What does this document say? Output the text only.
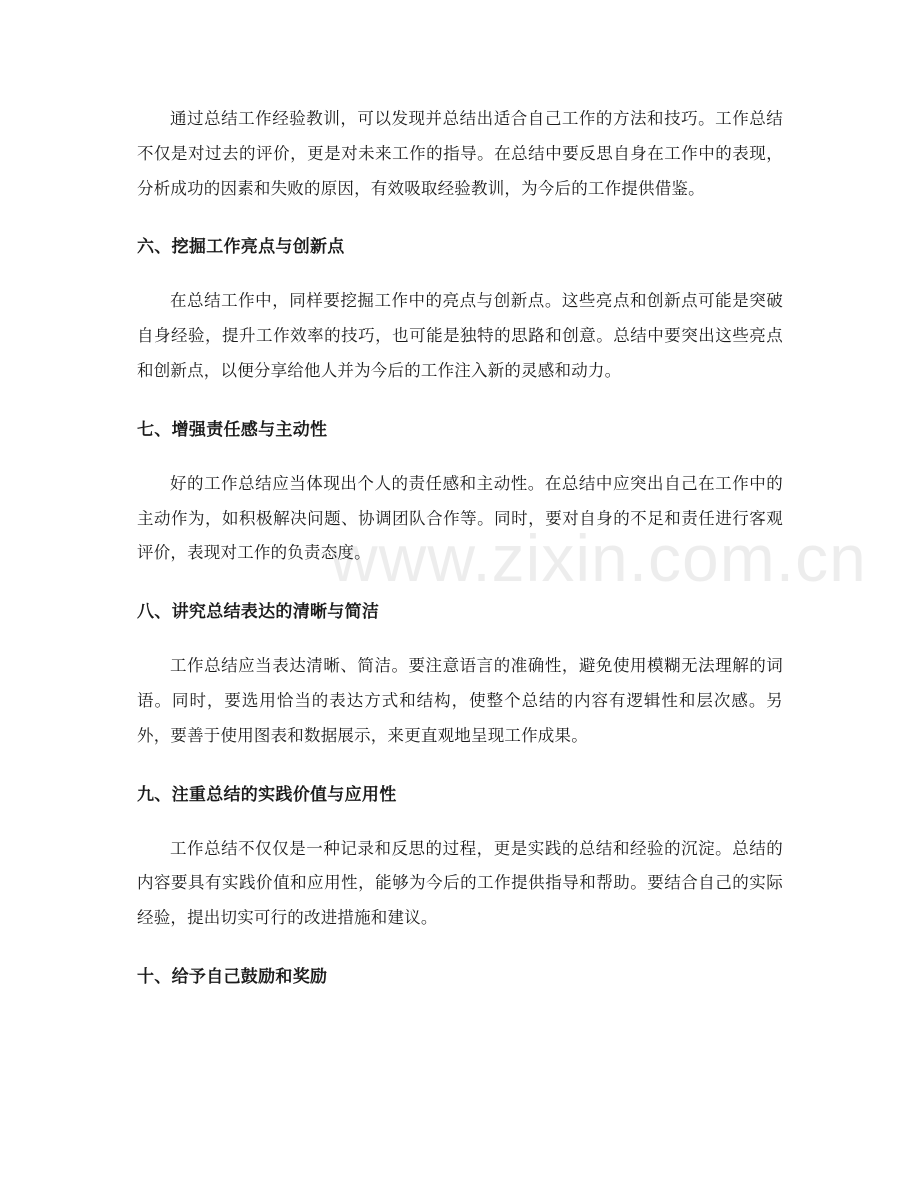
通过总结工作经验教训，可以发现并总结出适合自己工作的方法和技巧。工作总结不仅是对过去的评价，更是对未来工作的指导。在总结中要反思自身在工作中的表现，分析成功的因素和失败的原因，有效吸取经验教训，为今后的工作提供借鉴。

六、挖掘工作亮点与创新点

在总结工作中，同样要挖掘工作中的亮点与创新点。这些亮点和创新点可能是突破自身经验，提升工作效率的技巧，也可能是独特的思路和创意。总结中要突出这些亮点和创新点，以便分享给他人并为今后的工作注入新的灵感和动力。

七、增强责任感与主动性

好的工作总结应当体现出个人的责任感和主动性。在总结中应突出自己在工作中的主动作为，如积极解决问题、协调团队合作等。同时，要对自身的不足和责任进行客观评价，表现对工作的负责态度。

八、讲究总结表达的清晰与简洁

工作总结应当表达清晰、简洁。要注意语言的准确性，避免使用模糊无法理解的词语。同时，要选用恰当的表达方式和结构，使整个总结的内容有逻辑性和层次感。另外，要善于使用图表和数据展示，来更直观地呈现工作成果。

九、注重总结的实践价值与应用性

工作总结不仅仅是一种记录和反思的过程，更是实践的总结和经验的沉淀。总结的内容要具有实践价值和应用性，能够为今后的工作提供指导和帮助。要结合自己的实际经验，提出切实可行的改进措施和建议。

十、给予自己鼓励和奖励
www.zixin.com.cn
